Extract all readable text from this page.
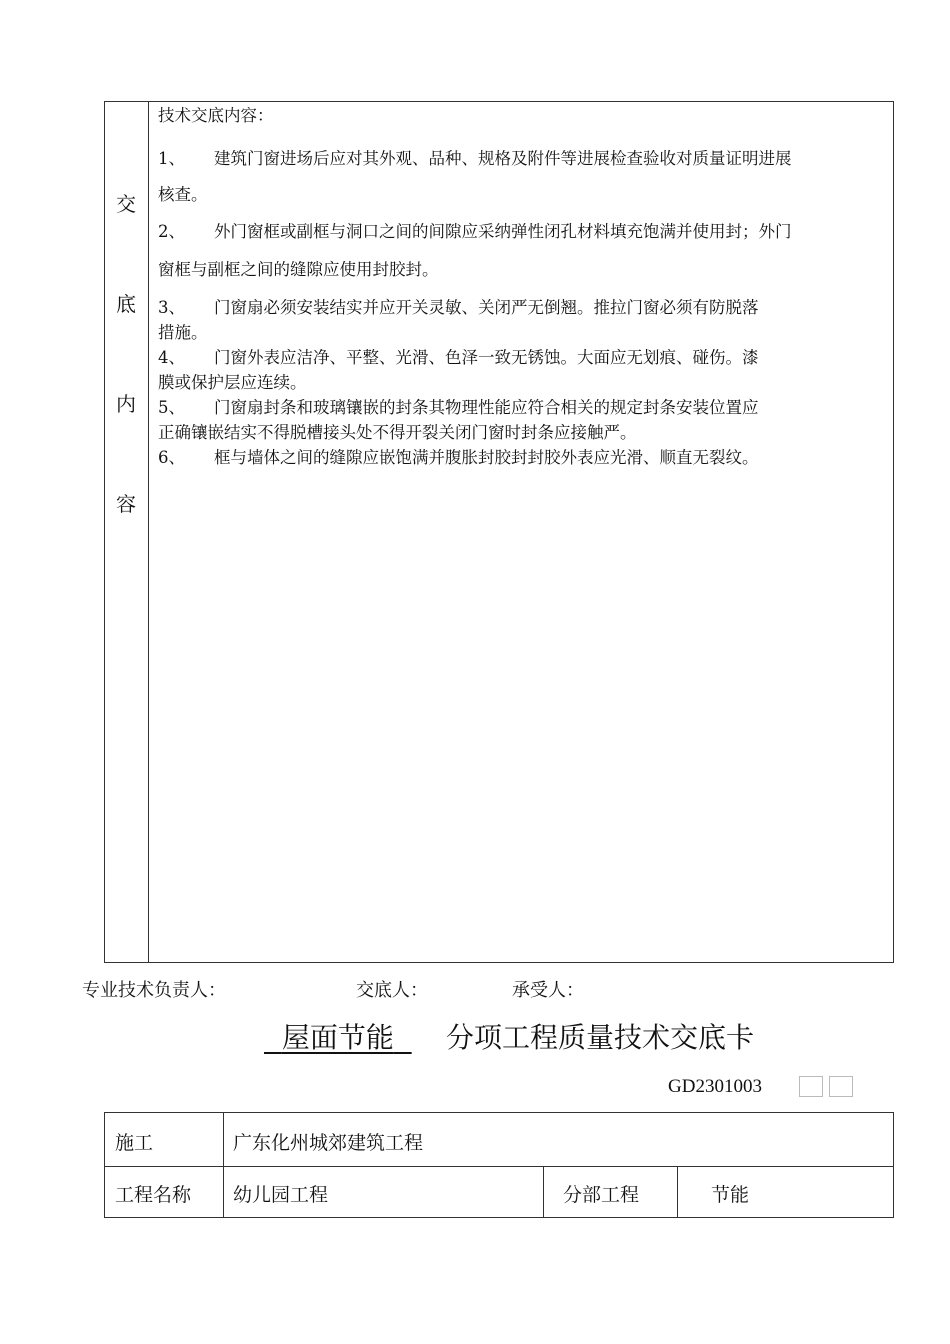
交
底
内
容
技术交底内容：
1、	建筑门窗进场后应对其外观、品种、规格及附件等进展检查验收对质量证明进展
核查。
2、	外门窗框或副框与洞口之间的间隙应采纳弹性闭孔材料填充饱满并使用封；外门
窗框与副框之间的缝隙应使用封胶封。
3、	门窗扇必须安装结实并应开关灵敏、关闭严无倒翘。推拉门窗必须有防脱落
措施。
4、	门窗外表应洁净、平整、光滑、色泽一致无锈蚀。大面应无划痕、碰伤。漆
膜或保护层应连续。
5、	门窗扇封条和玻璃镶嵌的封条其物理性能应符合相关的规定封条安装位置应
正确镶嵌结实不得脱槽接头处不得开裂关闭门窗时封条应接触严。
6、	框与墙体之间的缝隙应嵌饱满并腹胀封胶封封胶外表应光滑、顺直无裂纹。
专业技术负责人：	交底人：	承受人：
屋面节能	分项工程质量技术交底卡
GD2301003
施工	广东化州城郊建筑工程
工程名称 幼儿园工程	分部工程	节能
